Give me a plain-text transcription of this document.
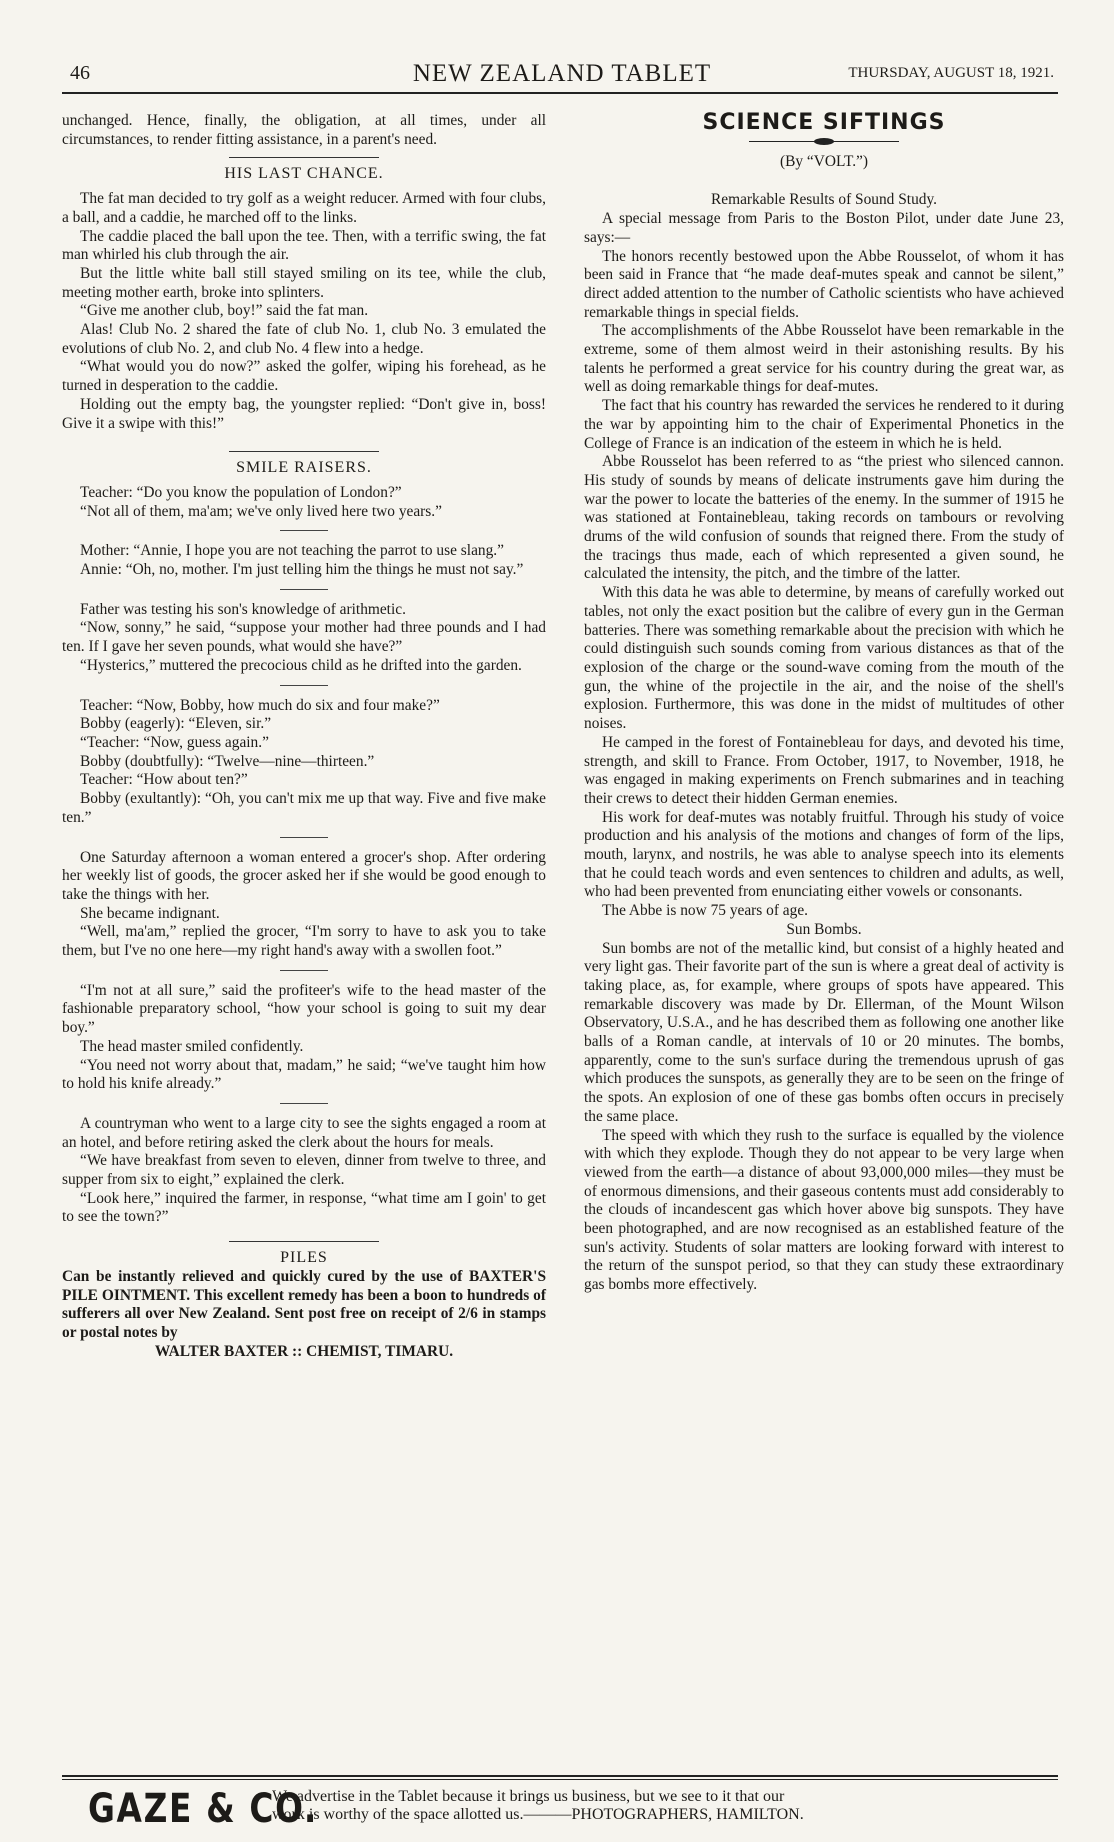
46	NEW ZEALAND TABLET	THURSDAY, AUGUST 18, 1921.

unchanged. Hence, finally, the obligation, at all times, under all circumstances, to render fitting assistance, in a parent's need.

HIS LAST CHANCE.

The fat man decided to try golf as a weight reducer. Armed with four clubs, a ball, and a caddie, he marched off to the links.

The caddie placed the ball upon the tee. Then, with a terrific swing, the fat man whirled his club through the air.

But the little white ball still stayed smiling on its tee, while the club, meeting mother earth, broke into splinters.

“Give me another club, boy!” said the fat man.

Alas! Club No. 2 shared the fate of club No. 1, club No. 3 emulated the evolutions of club No. 2, and club No. 4 flew into a hedge.

“What would you do now?” asked the golfer, wiping his forehead, as he turned in desperation to the caddie.

Holding out the empty bag, the youngster replied: “Don't give in, boss! Give it a swipe with this!”

SMILE RAISERS.

Teacher: “Do you know the population of London?”

“Not all of them, ma'am; we've only lived here two years.”

Mother: “Annie, I hope you are not teaching the parrot to use slang.”

Annie: “Oh, no, mother. I'm just telling him the things he must not say.”

Father was testing his son's knowledge of arithmetic.

“Now, sonny,” he said, “suppose your mother had three pounds and I had ten. If I gave her seven pounds, what would she have?”

“Hysterics,” muttered the precocious child as he drifted into the garden.

Teacher: “Now, Bobby, how much do six and four make?”

Bobby (eagerly): “Eleven, sir.”

“Teacher: “Now, guess again.”

Bobby (doubtfully): “Twelve—nine—thirteen.”

Teacher: “How about ten?”

Bobby (exultantly): “Oh, you can't mix me up that way. Five and five make ten.”

One Saturday afternoon a woman entered a grocer's shop. After ordering her weekly list of goods, the grocer asked her if she would be good enough to take the things with her.

She became indignant.

“Well, ma'am,” replied the grocer, “I'm sorry to have to ask you to take them, but I've no one here—my right hand's away with a swollen foot.”

“I'm not at all sure,” said the profiteer's wife to the head master of the fashionable preparatory school, “how your school is going to suit my dear boy.”

The head master smiled confidently.

“You need not worry about that, madam,” he said; “we've taught him how to hold his knife already.”

A countryman who went to a large city to see the sights engaged a room at an hotel, and before retiring asked the clerk about the hours for meals.

“We have breakfast from seven to eleven, dinner from twelve to three, and supper from six to eight,” explained the clerk.

“Look here,” inquired the farmer, in response, “what time am I goin' to get to see the town?”

PILES
Can be instantly relieved and quickly cured by the use of BAXTER'S PILE OINTMENT. This excellent remedy has been a boon to hundreds of sufferers all over New Zealand. Sent post free on receipt of 2/6 in stamps or postal notes by
WALTER BAXTER :: CHEMIST, TIMARU.
SCIENCE SIFTINGS
(By “VOLT.”)

Remarkable Results of Sound Study.

A special message from Paris to the Boston Pilot, under date June 23, says:—

The honors recently bestowed upon the Abbe Rousselot, of whom it has been said in France that “he made deaf-mutes speak and cannot be silent,” direct added attention to the number of Catholic scientists who have achieved remarkable things in special fields.

The accomplishments of the Abbe Rousselot have been remarkable in the extreme, some of them almost weird in their astonishing results. By his talents he performed a great service for his country during the great war, as well as doing remarkable things for deaf-mutes.

The fact that his country has rewarded the services he rendered to it during the war by appointing him to the chair of Experimental Phonetics in the College of France is an indication of the esteem in which he is held.

Abbe Rousselot has been referred to as “the priest who silenced cannon. His study of sounds by means of delicate instruments gave him during the war the power to locate the batteries of the enemy. In the summer of 1915 he was stationed at Fontainebleau, taking records on tambours or revolving drums of the wild confusion of sounds that reigned there. From the study of the tracings thus made, each of which represented a given sound, he calculated the intensity, the pitch, and the timbre of the latter.

With this data he was able to determine, by means of carefully worked out tables, not only the exact position but the calibre of every gun in the German batteries. There was something remarkable about the precision with which he could distinguish such sounds coming from various distances as that of the explosion of the charge or the sound-wave coming from the mouth of the gun, the whine of the projectile in the air, and the noise of the shell's explosion. Furthermore, this was done in the midst of multitudes of other noises.

He camped in the forest of Fontainebleau for days, and devoted his time, strength, and skill to France. From October, 1917, to November, 1918, he was engaged in making experiments on French submarines and in teaching their crews to detect their hidden German enemies.

His work for deaf-mutes was notably fruitful. Through his study of voice production and his analysis of the motions and changes of form of the lips, mouth, larynx, and nostrils, he was able to analyse speech into its elements that he could teach words and even sentences to children and adults, as well, who had been prevented from enunciating either vowels or consonants.

The Abbe is now 75 years of age.

Sun Bombs.

Sun bombs are not of the metallic kind, but consist of a highly heated and very light gas. Their favorite part of the sun is where a great deal of activity is taking place, as, for example, where groups of spots have appeared. This remarkable discovery was made by Dr. Ellerman, of the Mount Wilson Observatory, U.S.A., and he has described them as following one another like balls of a Roman candle, at intervals of 10 or 20 minutes. The bombs, apparently, come to the sun's surface during the tremendous uprush of gas which produces the sunspots, as generally they are to be seen on the fringe of the spots. An explosion of one of these gas bombs often occurs in precisely the same place.

The speed with which they rush to the surface is equalled by the violence with which they explode. Though they do not appear to be very large when viewed from the earth—a distance of about 93,000,000 miles—they must be of enormous dimensions, and their gaseous contents must add considerably to the clouds of incandescent gas which hover above big sunspots. They have been photographed, and are now recognised as an established feature of the sun's activity. Students of solar matters are looking forward with interest to the return of the sunspot period, so that they can study these extraordinary gas bombs more effectively.

GAZE & CO.
We advertise in the Tablet because it brings us business, but we see to it that our
work is worthy of the space allotted us.———PHOTOGRAPHERS, HAMILTON.
